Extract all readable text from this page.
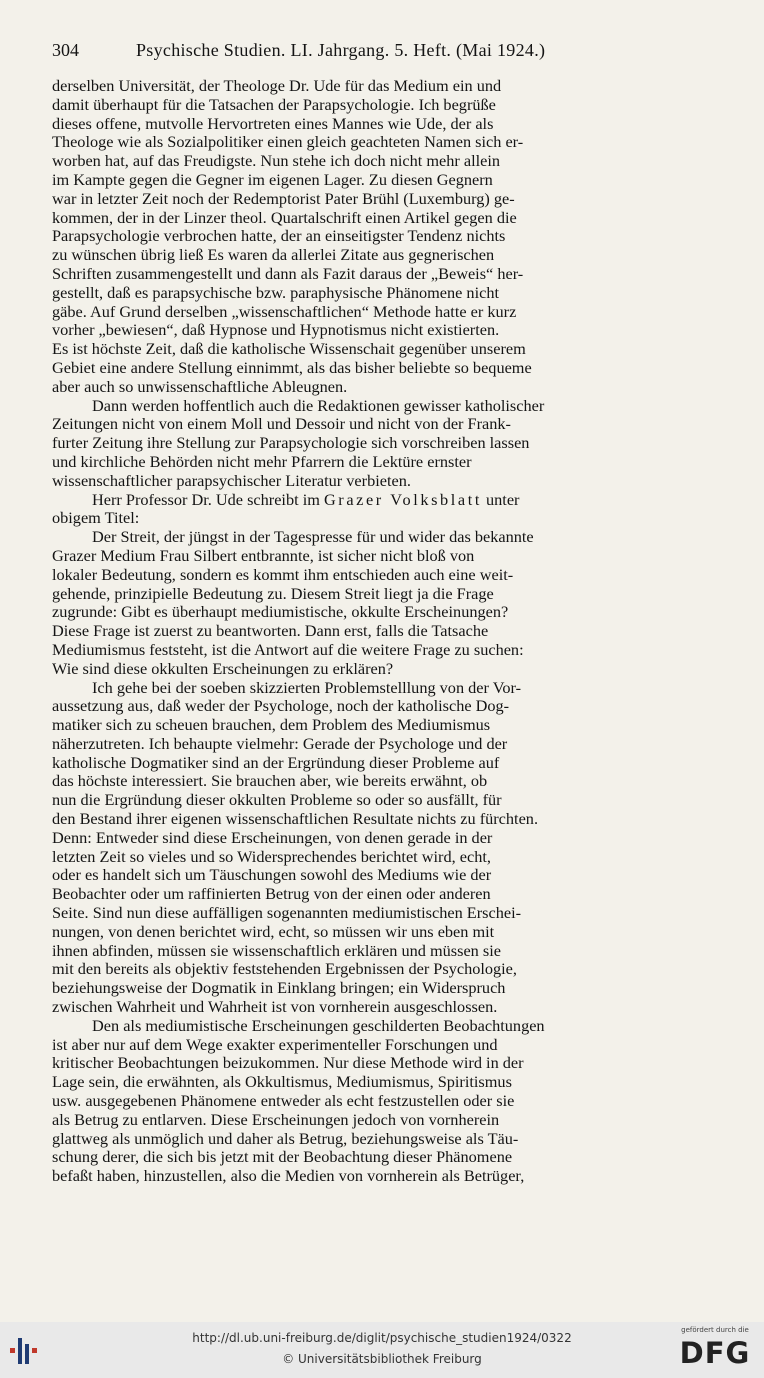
304	Psychische Studien. LI. Jahrgang. 5. Heft. (Mai 1924.)

derselben Universität, der Theologe Dr. Ude für das Medium ein und
damit überhaupt für die Tatsachen der Parapsychologie. Ich begrüße
dieses offene, mutvolle Hervortreten eines Mannes wie Ude, der als
Theologe wie als Sozialpolitiker einen gleich geachteten Namen sich er-
worben hat, auf das Freudigste. Nun stehe ich doch nicht mehr allein
im Kampte gegen die Gegner im eigenen Lager. Zu diesen Gegnern
war in letzter Zeit noch der Redemptorist Pater Brühl (Luxemburg) ge-
kommen, der in der Linzer theol. Quartalschrift einen Artikel gegen die
Parapsychologie verbrochen hatte, der an einseitigster Tendenz nichts
zu wünschen übrig ließ Es waren da allerlei Zitate aus gegnerischen
Schriften zusammengestellt und dann als Fazit daraus der „Beweis“ her-
gestellt, daß es parapsychische bzw. paraphysische Phänomene nicht
gäbe. Auf Grund derselben „wissenschaftlichen“ Methode hatte er kurz
vorher „bewiesen“, daß Hypnose und Hypnotismus nicht existierten.
Es ist höchste Zeit, daß die katholische Wissenschait gegenüber unserem
Gebiet eine andere Stellung einnimmt, als das bisher beliebte so bequeme
aber auch so unwissenschaftliche Ableugnen.

Dann werden hoffentlich auch die Redaktionen gewisser katholischer
Zeitungen nicht von einem Moll und Dessoir und nicht von der Frank-
furter Zeitung ihre Stellung zur Parapsychologie sich vorschreiben lassen
und kirchliche Behörden nicht mehr Pfarrern die Lektüre ernster
wissenschaftlicher parapsychischer Literatur verbieten.

Herr Professor Dr. Ude schreibt im Grazer Volksblatt unter
obigem Titel:

Der Streit, der jüngst in der Tagespresse für und wider das bekannte
Grazer Medium Frau Silbert entbrannte, ist sicher nicht bloß von
lokaler Bedeutung, sondern es kommt ihm entschieden auch eine weit-
gehende, prinzipielle Bedeutung zu. Diesem Streit liegt ja die Frage
zugrunde: Gibt es überhaupt mediumistische, okkulte Erscheinungen?
Diese Frage ist zuerst zu beantworten. Dann erst, falls die Tatsache
Mediumismus feststeht, ist die Antwort auf die weitere Frage zu suchen:
Wie sind diese okkulten Erscheinungen zu erklären?

Ich gehe bei der soeben skizzierten Problemstelllung von der Vor-
aussetzung aus, daß weder der Psychologe, noch der katholische Dog-
matiker sich zu scheuen brauchen, dem Problem des Mediumismus
näherzutreten. Ich behaupte vielmehr: Gerade der Psychologe und der
katholische Dogmatiker sind an der Ergründung dieser Probleme auf
das höchste interessiert. Sie brauchen aber, wie bereits erwähnt, ob
nun die Ergründung dieser okkulten Probleme so oder so ausfällt, für
den Bestand ihrer eigenen wissenschaftlichen Resultate nichts zu fürchten.
Denn: Entweder sind diese Erscheinungen, von denen gerade in der
letzten Zeit so vieles und so Widersprechendes berichtet wird, echt,
oder es handelt sich um Täuschungen sowohl des Mediums wie der
Beobachter oder um raffinierten Betrug von der einen oder anderen
Seite. Sind nun diese auffälligen sogenannten mediumistischen Erschei-
nungen, von denen berichtet wird, echt, so müssen wir uns eben mit
ihnen abfinden, müssen sie wissenschaftlich erklären und müssen sie
mit den bereits als objektiv feststehenden Ergebnissen der Psychologie,
beziehungsweise der Dogmatik in Einklang bringen; ein Widerspruch
zwischen Wahrheit und Wahrheit ist von vornherein ausgeschlossen.

Den als mediumistische Erscheinungen geschilderten Beobachtungen
ist aber nur auf dem Wege exakter experimenteller Forschungen und
kritischer Beobachtungen beizukommen. Nur diese Methode wird in der
Lage sein, die erwähnten, als Okkultismus, Mediumismus, Spiritismus
usw. ausgegebenen Phänomene entweder als echt festzustellen oder sie
als Betrug zu entlarven. Diese Erscheinungen jedoch von vornherein
glattweg als unmöglich und daher als Betrug, beziehungsweise als Täu-
schung derer, die sich bis jetzt mit der Beobachtung dieser Phänomene
befaßt haben, hinzustellen, also die Medien von vornherein als Betrüger,

http://dl.ub.uni-freiburg.de/diglit/psychische_studien1924/0322
© Universitätsbibliothek Freiburg
gefördert durch die
DFG
